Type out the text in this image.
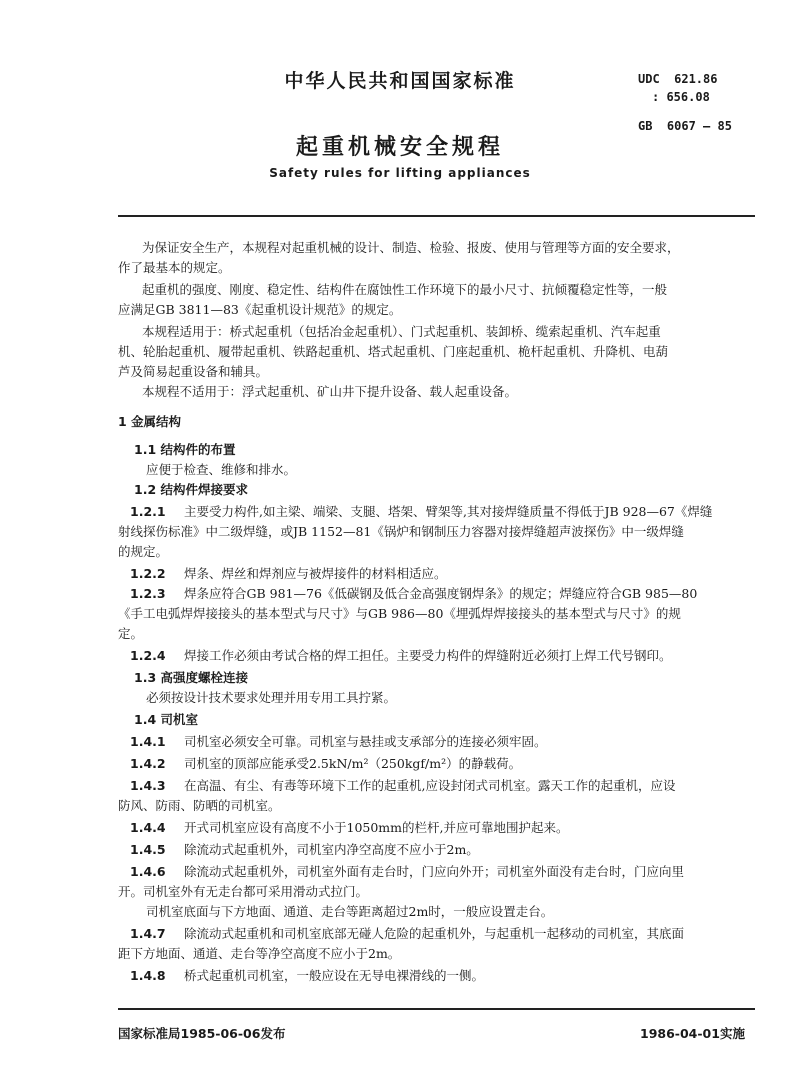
中华人民共和国国家标准	UDC  621.86
: 656.08
GB  6067 — 85
起重机械安全规程
Safety rules for lifting appliances
为保证安全生产，本规程对起重机械的设计、制造、检验、报废、使用与管理等方面的安全要求，
作了最基本的规定。
起重机的强度、刚度、稳定性、结构件在腐蚀性工作环境下的最小尺寸、抗倾覆稳定性等，一般
应满足GB 3811—83《起重机设计规范》的规定。
本规程适用于：桥式起重机（包括冶金起重机）、门式起重机、装卸桥、缆索起重机、汽车起重
机、轮胎起重机、履带起重机、铁路起重机、塔式起重机、门座起重机、桅杆起重机、升降机、电葫
芦及简易起重设备和辅具。
本规程不适用于：浮式起重机、矿山井下提升设备、载人起重设备。
1 金属结构
1.1 结构件的布置
应便于检查、维修和排水。
1.2 结构件焊接要求
1.2.1 主要受力构件,如主梁、端梁、支腿、塔架、臂架等,其对接焊缝质量不得低于JB 928—67《焊缝
射线探伤标准》中二级焊缝，或JB 1152—81《锅炉和钢制压力容器对接焊缝超声波探伤》中一级焊缝
的规定。
1.2.2 焊条、焊丝和焊剂应与被焊接件的材料相适应。
1.2.3 焊条应符合GB 981—76《低碳钢及低合金高强度钢焊条》的规定；焊缝应符合GB 985—80
《手工电弧焊焊接接头的基本型式与尺寸》与GB 986—80《埋弧焊焊接接头的基本型式与尺寸》的规
定。
1.2.4 焊接工作必须由考试合格的焊工担任。主要受力构件的焊缝附近必须打上焊工代号钢印。
1.3 高强度螺栓连接
必须按设计技术要求处理并用专用工具拧紧。
1.4 司机室
1.4.1 司机室必须安全可靠。司机室与悬挂或支承部分的连接必须牢固。
1.4.2 司机室的顶部应能承受2.5kN/m²（250kgf/m²）的静载荷。
1.4.3 在高温、有尘、有毒等环境下工作的起重机,应设封闭式司机室。露天工作的起重机，应设
防风、防雨、防晒的司机室。
1.4.4 开式司机室应设有高度不小于1050mm的栏杆,并应可靠地围护起来。
1.4.5 除流动式起重机外，司机室内净空高度不应小于2m。
1.4.6 除流动式起重机外，司机室外面有走台时，门应向外开；司机室外面没有走台时，门应向里
开。司机室外有无走台都可采用滑动式拉门。
司机室底面与下方地面、通道、走台等距离超过2m时，一般应设置走台。
1.4.7 除流动式起重机和司机室底部无碰人危险的起重机外，与起重机一起移动的司机室，其底面
距下方地面、通道、走台等净空高度不应小于2m。
1.4.8 桥式起重机司机室，一般应设在无导电裸滑线的一侧。
国家标准局1985-06-06发布	1986-04-01实施
